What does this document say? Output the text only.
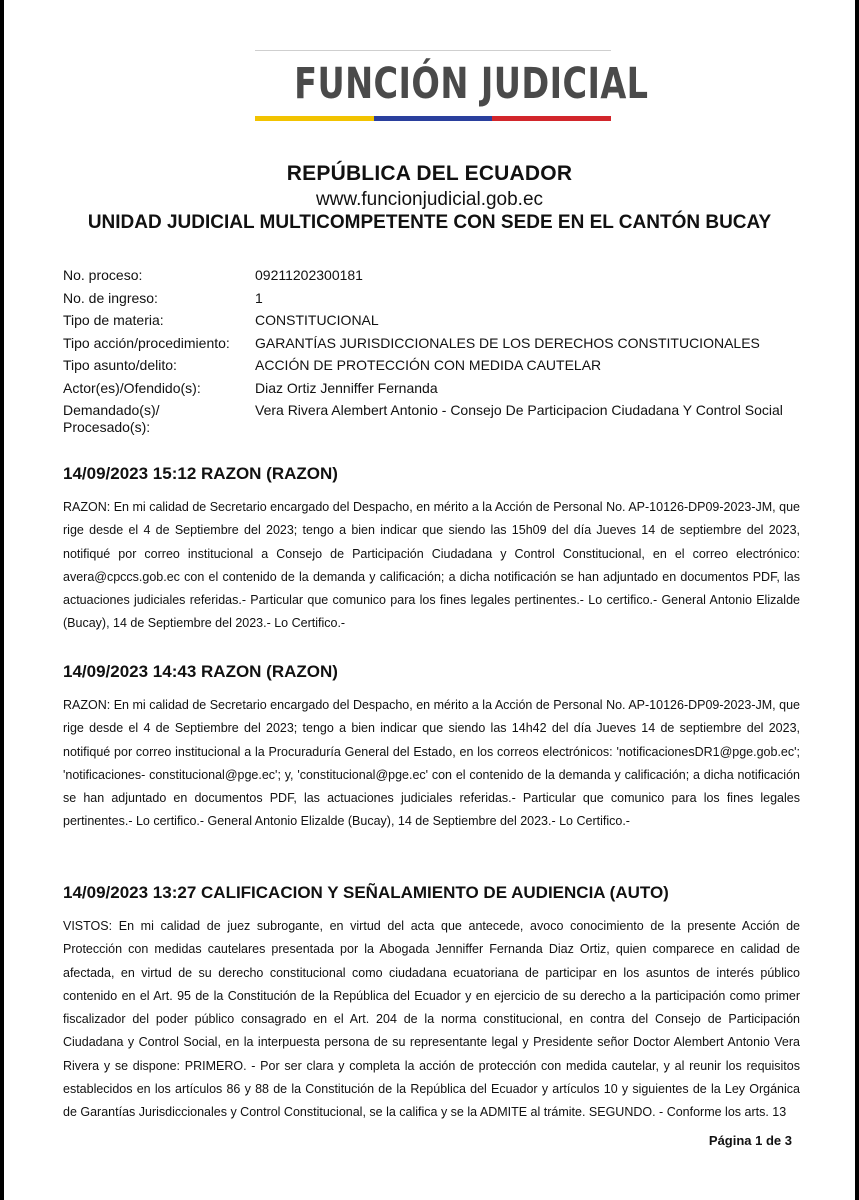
FUNCIÓN JUDICIAL
REPÚBLICA DEL ECUADOR
www.funcionjudicial.gob.ec
UNIDAD JUDICIAL MULTICOMPETENTE CON SEDE EN EL CANTÓN BUCAY
No. proceso:	09211202300181
No. de ingreso:	1
Tipo de materia:	CONSTITUCIONAL
Tipo acción/procedimiento:	GARANTÍAS JURISDICCIONALES DE LOS DERECHOS CONSTITUCIONALES
Tipo asunto/delito:	ACCIÓN DE PROTECCIÓN CON MEDIDA CAUTELAR
Actor(es)/Ofendido(s):	Diaz Ortiz Jenniffer Fernanda
Demandado(s)/ Procesado(s):
Vera Rivera Alembert Antonio - Consejo De Participacion Ciudadana Y Control Social
14/09/2023 15:12 RAZON (RAZON)
RAZON: En mi calidad de Secretario encargado del Despacho, en mérito a la Acción de Personal No. AP-10126-DP09-2023-JM, que rige desde el 4 de Septiembre del 2023; tengo a bien indicar que siendo las 15h09 del día Jueves 14 de septiembre del 2023, notifiqué por correo institucional a Consejo de Participación Ciudadana y Control Constitucional, en el correo electrónico: avera@cpccs.gob.ec con el contenido de la demanda y calificación; a dicha notificación se han adjuntado en documentos PDF, las actuaciones judiciales referidas.- Particular que comunico para los fines legales pertinentes.- Lo certifico.- General Antonio Elizalde (Bucay), 14 de Septiembre del 2023.- Lo Certifico.-
14/09/2023 14:43 RAZON (RAZON)
RAZON: En mi calidad de Secretario encargado del Despacho, en mérito a la Acción de Personal No. AP-10126-DP09-2023-JM, que rige desde el 4 de Septiembre del 2023; tengo a bien indicar que siendo las 14h42 del día Jueves 14 de septiembre del 2023, notifiqué por correo institucional a la Procuraduría General del Estado, en los correos electrónicos: 'notificacionesDR1@pge.gob.ec'; 'notificaciones- constitucional@pge.ec'; y, 'constitucional@pge.ec' con el contenido de la demanda y calificación; a dicha notificación se han adjuntado en documentos PDF, las actuaciones judiciales referidas.- Particular que comunico para los fines legales pertinentes.- Lo certifico.- General Antonio Elizalde (Bucay), 14 de Septiembre del 2023.- Lo Certifico.-
14/09/2023 13:27 CALIFICACION Y SEÑALAMIENTO DE AUDIENCIA (AUTO)
VISTOS: En mi calidad de juez subrogante, en virtud del acta que antecede, avoco conocimiento de la presente Acción de Protección con medidas cautelares presentada por la Abogada Jenniffer Fernanda Diaz Ortiz, quien comparece en calidad de afectada, en virtud de su derecho constitucional como ciudadana ecuatoriana de participar en los asuntos de interés público contenido en el Art. 95 de la Constitución de la República del Ecuador y en ejercicio de su derecho a la participación como primer fiscalizador del poder público consagrado en el Art. 204 de la norma constitucional, en contra del Consejo de Participación Ciudadana y Control Social, en la interpuesta persona de su representante legal y Presidente señor Doctor Alembert Antonio Vera Rivera y se dispone: PRIMERO. - Por ser clara y completa la acción de protección con medida cautelar, y al reunir los requisitos establecidos en los artículos 86 y 88 de la Constitución de la República del Ecuador y artículos 10 y siguientes de la Ley Orgánica de Garantías Jurisdiccionales y Control Constitucional, se la califica y se la ADMITE al trámite. SEGUNDO. - Conforme los arts. 13
Página 1 de 3
